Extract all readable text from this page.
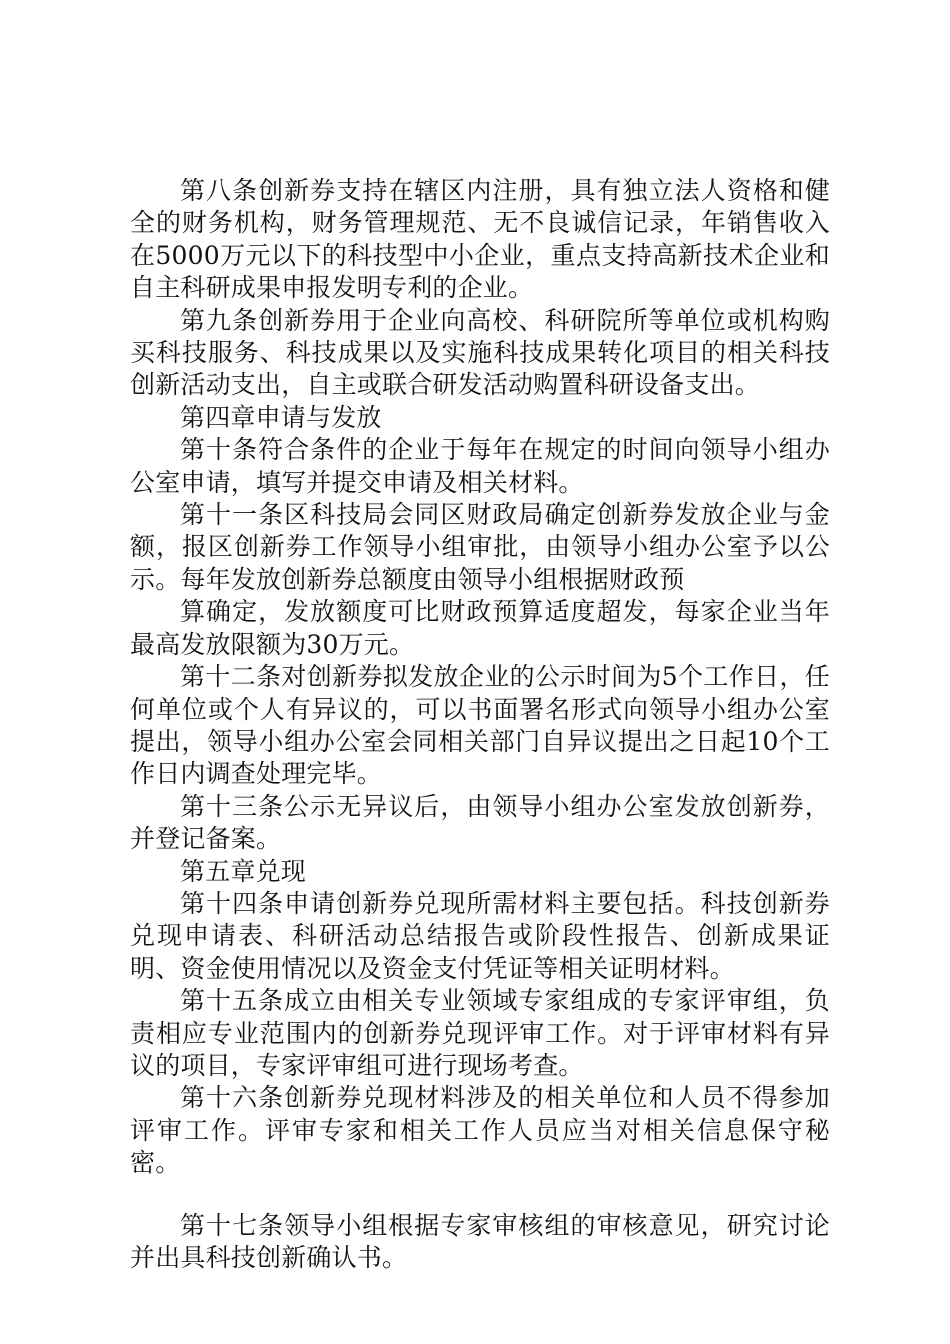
第八条创新券支持在辖区内注册，具有独立法人资格和健全的财务机构，财务管理规范、无不良诚信记录，年销售收入在5000万元以下的科技型中小企业，重点支持高新技术企业和自主科研成果申报发明专利的企业。

第九条创新券用于企业向高校、科研院所等单位或机构购买科技服务、科技成果以及实施科技成果转化项目的相关科技创新活动支出，自主或联合研发活动购置科研设备支出。

第四章申请与发放

第十条符合条件的企业于每年在规定的时间向领导小组办公室申请，填写并提交申请及相关材料。

第十一条区科技局会同区财政局确定创新券发放企业与金额，报区创新券工作领导小组审批，由领导小组办公室予以公示。每年发放创新券总额度由领导小组根据财政预

算确定，发放额度可比财政预算适度超发，每家企业当年最高发放限额为30万元。

第十二条对创新券拟发放企业的公示时间为5个工作日，任何单位或个人有异议的，可以书面署名形式向领导小组办公室提出，领导小组办公室会同相关部门自异议提出之日起10个工作日内调查处理完毕。

第十三条公示无异议后，由领导小组办公室发放创新券，并登记备案。

第五章兑现

第十四条申请创新券兑现所需材料主要包括。科技创新券兑现申请表、科研活动总结报告或阶段性报告、创新成果证明、资金使用情况以及资金支付凭证等相关证明材料。

第十五条成立由相关专业领域专家组成的专家评审组，负责相应专业范围内的创新券兑现评审工作。对于评审材料有异议的项目，专家评审组可进行现场考查。

第十六条创新券兑现材料涉及的相关单位和人员不得参加评审工作。评审专家和相关工作人员应当对相关信息保守秘密。

第十七条领导小组根据专家审核组的审核意见，研究讨论并出具科技创新确认书。
